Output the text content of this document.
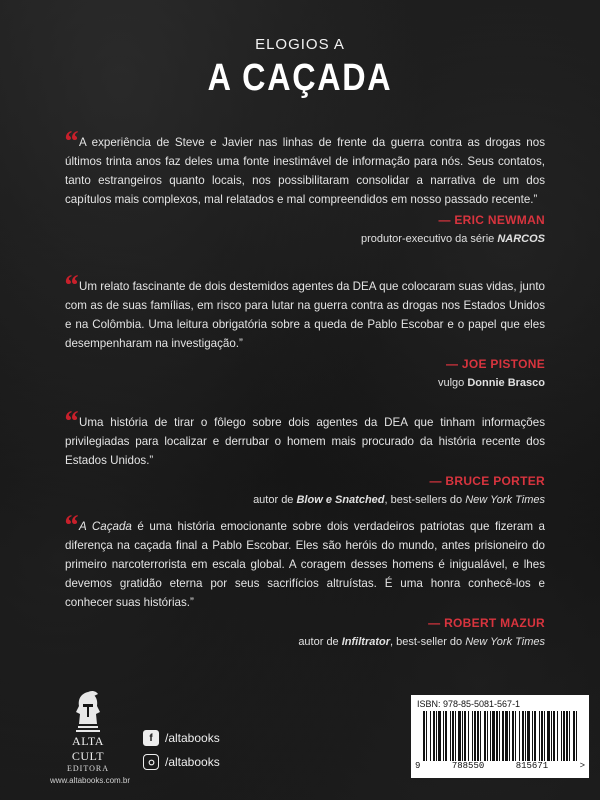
ELOGIOS A
A CAÇADA
“ A experiência de Steve e Javier nas linhas de frente da guerra contra as drogas nos últimos trinta anos faz deles uma fonte inestimável de informação para nós. Seus contatos, tanto estrangeiros quanto locais, nos possibilitaram consolidar a narrativa de um dos capítulos mais complexos, mal relatados e mal compreendidos em nosso passado recente.”

— ERIC NEWMAN
produtor-executivo da série NARCOS
“ Um relato fascinante de dois destemidos agentes da DEA que colocaram suas vidas, junto com as de suas famílias, em risco para lutar na guerra contra as drogas nos Estados Unidos e na Colômbia. Uma leitura obrigatória sobre a queda de Pablo Escobar e o papel que eles desempenharam na investigação.”

— JOE PISTONE
vulgo Donnie Brasco
“ Uma história de tirar o fôlego sobre dois agentes da DEA que tinham informações privilegiadas para localizar e derrubar o homem mais procurado da história recente dos Estados Unidos.”

— BRUCE PORTER
autor de Blow e Snatched, best-sellers do New York Times
“ A Caçada é uma história emocionante sobre dois verdadeiros patriotas que fizeram a diferença na caçada final a Pablo Escobar. Eles são heróis do mundo, antes prisioneiro do primeiro narcoterrorista em escala global. A coragem desses homens é inigualável, e lhes devemos gratidão eterna por seus sacrifícios altruístas. É uma honra conhecê-los e conhecer suas histórias.”

— ROBERT MAZUR
autor de Infiltrator, best-seller do New York Times
ALTA CULT
EDITORA
www.altabooks.com.br
f	/altabooks
/altabooks
ISBN: 978-85-5081-567-1
9	788550	815671	>
